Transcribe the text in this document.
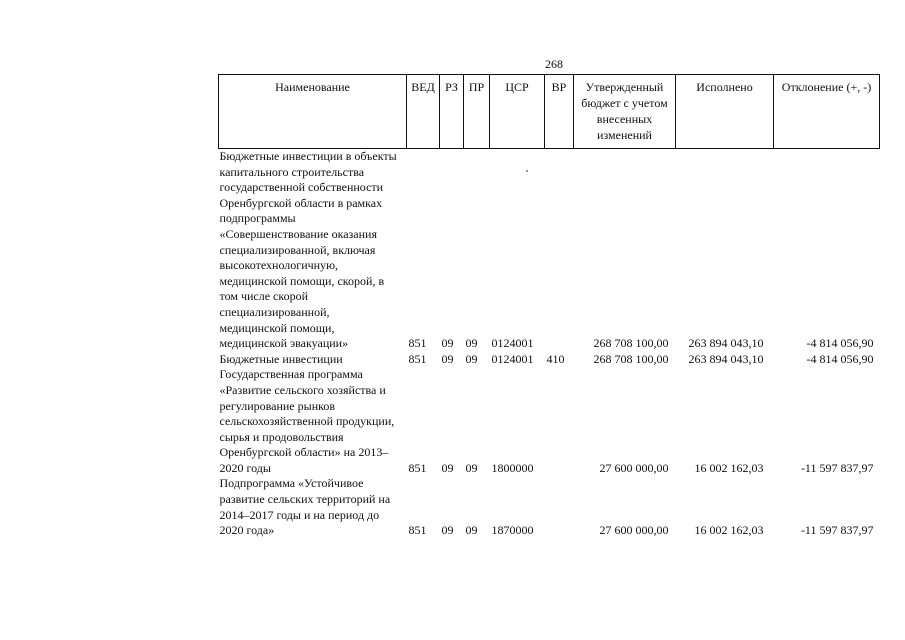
268
Наименование	ВЕД	РЗ	ПР	ЦСР	ВР	Утвержденный бюджет с учетом внесенных изменений	Исполнено	Отклонение (+, -)
Бюджетные инвестиции в объекты капитального строительства государственной собственности Оренбургской области в рамках подпрограммы «Совершенствование оказания специализированной, включая высокотехнологичную, медицинской помощи, скорой, в том числе скорой специализированной, медицинской помощи, медицинской эвакуации»	851	09	09	0124001		268 708 100,00	263 894 043,10	-4 814 056,90
Бюджетные инвестиции	851	09	09	0124001	410	268 708 100,00	263 894 043,10	-4 814 056,90
Государственная программа «Развитие сельского хозяйства и регулирование рынков сельскохозяйственной продукции, сырья и продовольствия Оренбургской области» на 2013–2020 годы	851	09	09	1800000		27 600 000,00	16 002 162,03	-11 597 837,97
Подпрограмма «Устойчивое развитие сельских территорий на 2014–2017 годы и на период до 2020 года»	851	09	09	1870000		27 600 000,00	16 002 162,03	-11 597 837,97
